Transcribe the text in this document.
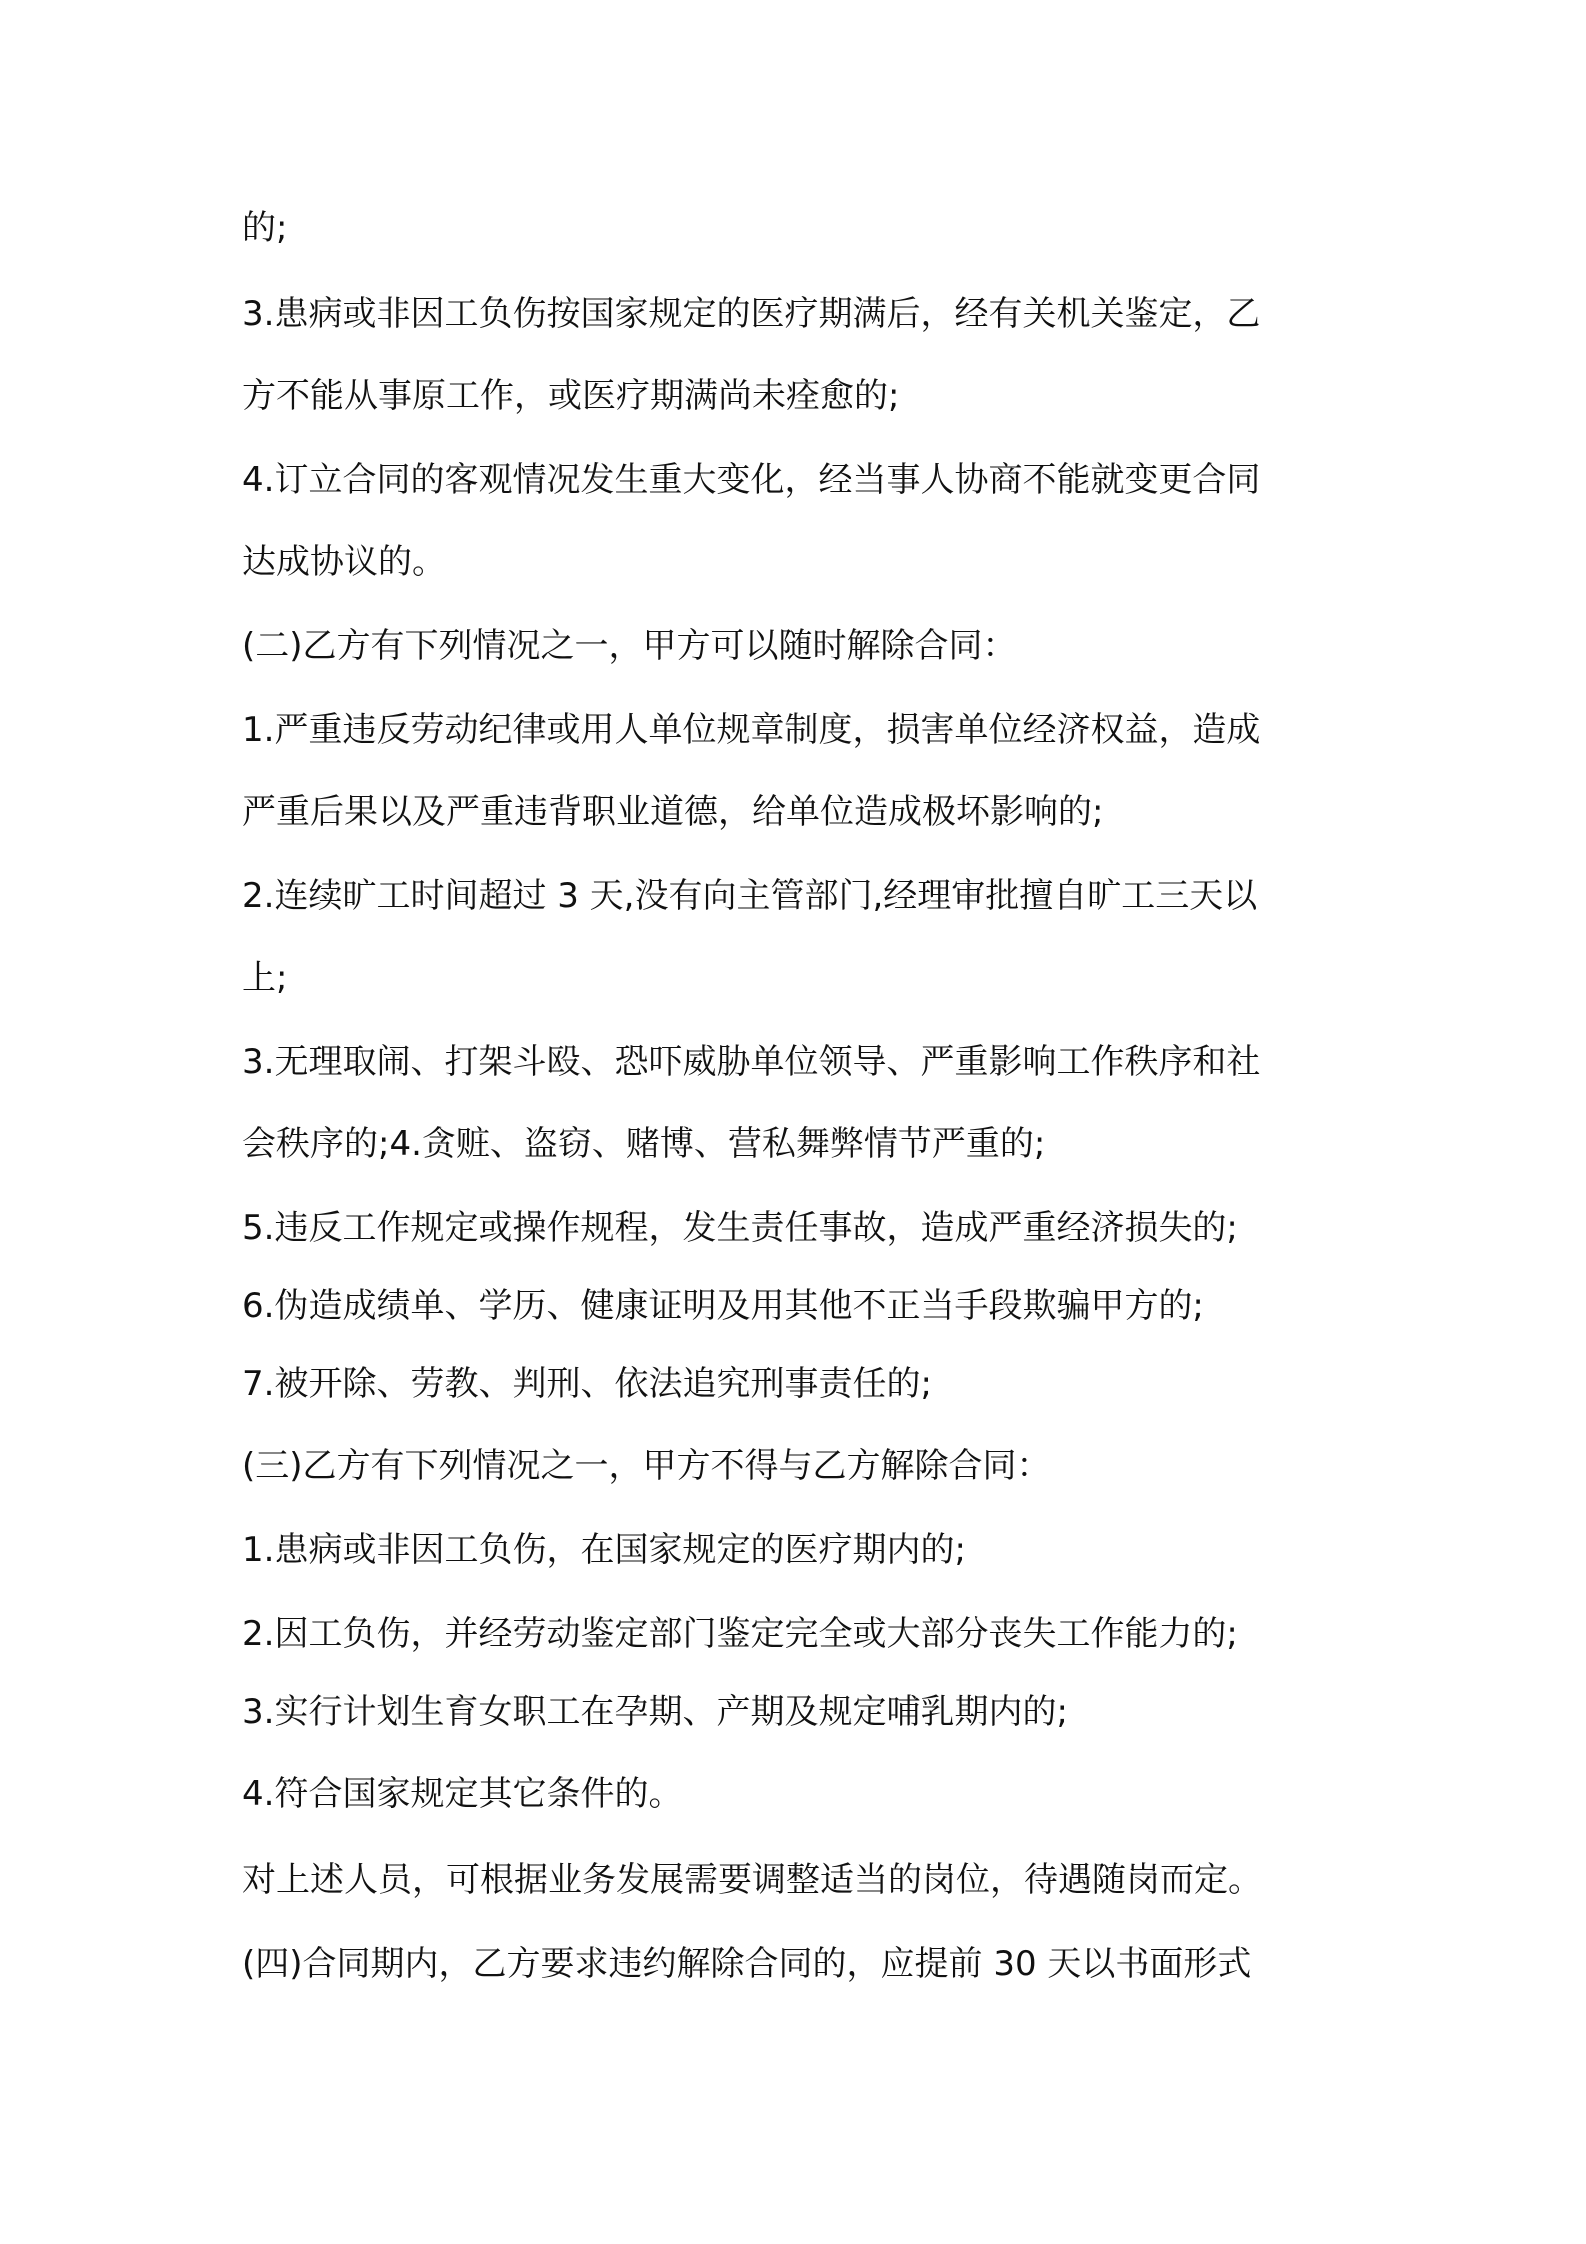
的;

3.患病或非因工负伤按国家规定的医疗期满后，经有关机关鉴定，乙

方不能从事原工作，或医疗期满尚未痊愈的;

4.订立合同的客观情况发生重大变化，经当事人协商不能就变更合同

达成协议的。

(二)乙方有下列情况之一，甲方可以随时解除合同：

1.严重违反劳动纪律或用人单位规章制度，损害单位经济权益，造成

严重后果以及严重违背职业道德，给单位造成极坏影响的;

2.连续旷工时间超过 3 天,没有向主管部门,经理审批擅自旷工三天以

上;

3.无理取闹、打架斗殴、恐吓威胁单位领导、严重影响工作秩序和社

会秩序的;4.贪赃、盗窃、赌博、营私舞弊情节严重的;

5.违反工作规定或操作规程，发生责任事故，造成严重经济损失的;

6.伪造成绩单、学历、健康证明及用其他不正当手段欺骗甲方的;

7.被开除、劳教、判刑、依法追究刑事责任的;

(三)乙方有下列情况之一，甲方不得与乙方解除合同：

1.患病或非因工负伤，在国家规定的医疗期内的;

2.因工负伤，并经劳动鉴定部门鉴定完全或大部分丧失工作能力的;

3.实行计划生育女职工在孕期、产期及规定哺乳期内的;

4.符合国家规定其它条件的。

对上述人员，可根据业务发展需要调整适当的岗位，待遇随岗而定。

(四)合同期内，乙方要求违约解除合同的，应提前 30 天以书面形式
